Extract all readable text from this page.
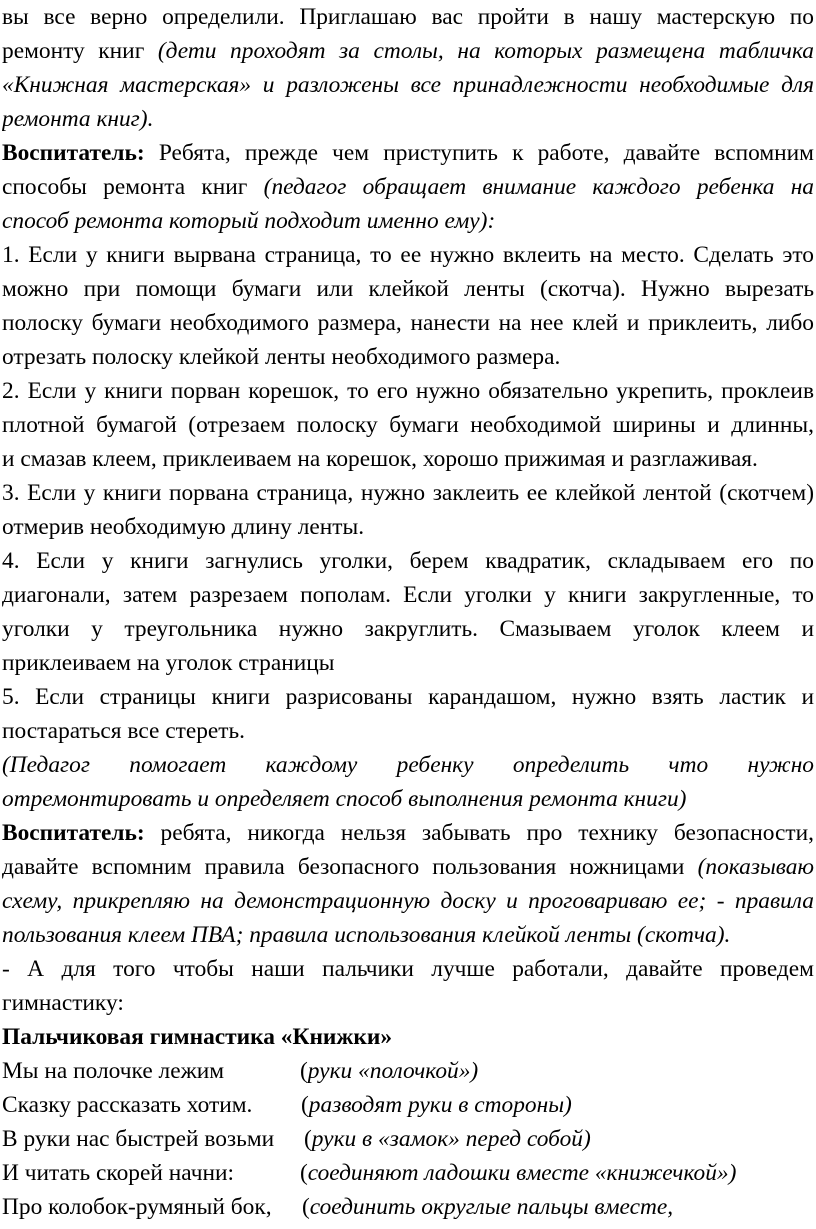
вы все верно определили. Приглашаю вас пройти в нашу мастерскую по
ремонту книг (дети проходят за столы, на которых размещена табличка
«Книжная мастерская» и разложены все принадлежности необходимые для
ремонта книг).
Воспитатель: Ребята, прежде чем приступить к работе, давайте вспомним
способы ремонта книг (педагог обращает внимание каждого ребенка на
способ ремонта который подходит именно ему):
1. Если у книги вырвана страница, то ее нужно вклеить на место. Сделать это
можно при помощи бумаги или клейкой ленты (скотча). Нужно вырезать
полоску бумаги необходимого размера, нанести на нее клей и приклеить, либо
отрезать полоску клейкой ленты необходимого размера.
2. Если у книги порван корешок, то его нужно обязательно укрепить, проклеив
плотной бумагой (отрезаем полоску бумаги необходимой ширины и длинны,
и смазав клеем, приклеиваем на корешок, хорошо прижимая и разглаживая.
3. Если у книги порвана страница, нужно заклеить ее клейкой лентой (скотчем)
отмерив необходимую длину ленты.
4. Если у книги загнулись уголки, берем квадратик, складываем его по
диагонали, затем разрезаем пополам. Если уголки у книги закругленные, то
уголки у треугольника нужно закруглить. Смазываем уголок клеем и
приклеиваем на уголок страницы
5. Если страницы книги разрисованы карандашом, нужно взять ластик и
постараться все стереть.
(Педагог помогает каждому ребенку определить что нужно
отремонтировать и определяет способ выполнения ремонта книги)
Воспитатель: ребята, никогда нельзя забывать про технику безопасности,
давайте вспомним правила безопасного пользования ножницами (показываю
схему, прикрепляю на демонстрационную доску и проговариваю ее; - правила
пользования клеем ПВА; правила использования клейкой ленты (скотча).
- А для того чтобы наши пальчики лучше работали, давайте проведем
гимнастику:
Пальчиковая гимнастика «Книжки»
Мы на полочке лежим	(руки «полочкой»)
Сказку рассказать хотим. (разводят руки в стороны)
В руки нас быстрей возьми (руки в «замок» перед собой)
И читать скорей начни:	(соединяют ладошки вместе «книжечкой»)
Про колобок-румяный бок, (соединить округлые пальцы вместе,
